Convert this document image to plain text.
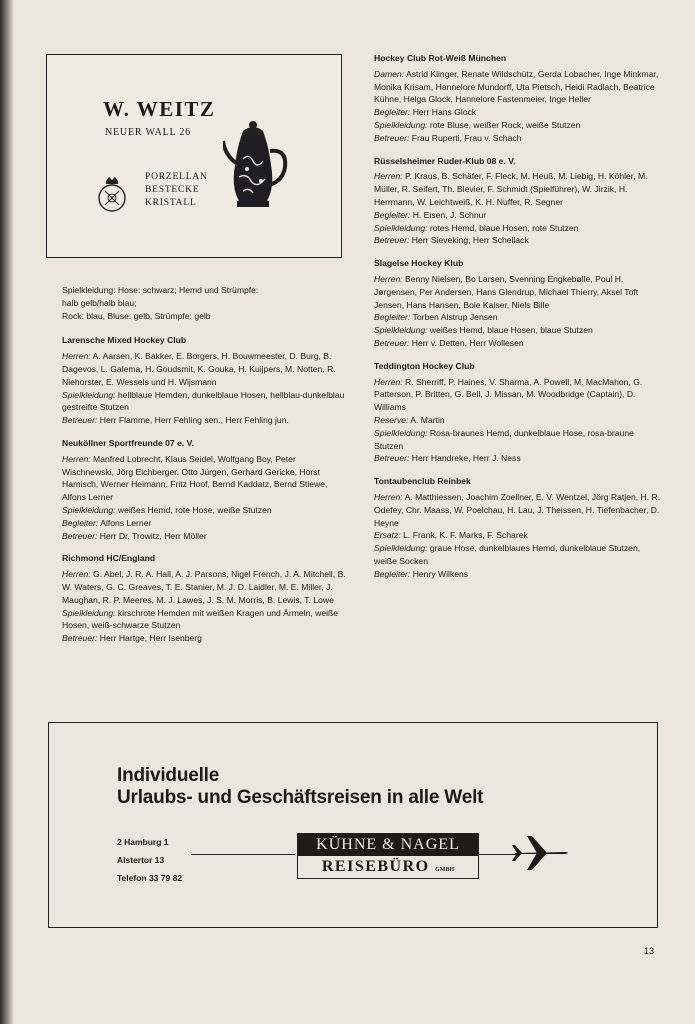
W. WEITZ
NEUER WALL 26
PORZELLAN
BESTECKE
KRISTALL

Spielkleidung: Hose: schwarz; Hemd und Strümpfe:

halb gelb/halb blau;

Rock: blau, Bluse: gelb, Strümpfe: gelb

Larensche Mixed Hockey Club

Herren: A. Aarsen, K. Bakker, E. Borgers, H. Bouwmeester, D. Burg, B. Dagevos, L. Galema, H. Goudsmit, K. Gouka, H. Kuijpers, M. Notten, R. Niehorster, E. Wessels und H. Wijsmann

Spielkleidung: hellblaue Hemden, dunkelblaue Hosen, hellblau-dunkelblau gestreifte Stutzen

Betreuer: Herr Flamme, Herr Fehling sen., Herr Fehling jun.

Neuköllner Sportfreunde 07 e. V.

Herren: Manfred Lobrecht, Klaus Seidel, Wolfgang Boy, Peter Wischnewski, Jörg Eichberger, Otto Jürgen, Gerhard Gericke, Horst Harnisch, Werner Heimann, Fritz Hoof, Bernd Kaddatz, Bernd Stiewe, Alfons Lerner

Spielkleidung: weißes Hemd, rote Hose, weiße Stutzen

Begleiter: Alfons Lerner

Betreuer: Herr Dr. Trowitz, Herr Möller

Richmond HC/England

Herren: G. Abel, J. R. A. Hall, A. J. Parsons, Nigel French, J. A. Mitchell, B. W. Waters, G. C. Greaves, T. E. Stanier, M. J. D. Laidler, M. E. Miller, J. Maughan, R. P. Meeres, M. J. Lawes, J. S. M. Morris, B. Lewis, T. Lowe

Spielkleidung: kirschrote Hemden mit weißen Kragen und Ärmeln, weiße Hosen, weiß-schwarze Stutzen

Betreuer: Herr Hartge, Herr Isenberg

Hockey Club Rot-Weiß München

Damen: Astrid Klinger, Renate Wildschütz, Gerda Lobacher, Inge Minkmar, Monika Krisam, Hannelore Mundorff, Uta Pietsch, Heidi Radlach, Beatrice Kühne, Helga Glock, Hannelore Fastenmeier, Inge Heller

Begleiter: Herr Hans Glock

Spielkleidung: rote Bluse, weißer Rock, weiße Stutzen

Betreuer: Frau Ruperti, Frau v. Schach

Rüsselsheimer Ruder-Klub 08 e. V.

Herren: P. Kraus, B. Schäfer, F. Fleck, M. Heuß, M. Liebig, H. Köhler, M. Müller, R. Seifert, Th. Blevier, F. Schmidt (Spielführer), W. Jirzik, H. Herrmann, W. Leichtweiß, K. H. Nuffer, R. Segner

Begleiter: H. Eisen, J. Schnur

Spielkleidung: rotes Hemd, blaue Hosen, rote Stutzen

Betreuer: Herr Sieveking, Herr Schellack

Slagelse Hockey Klub

Herren: Benny Nielsen, Bo Larsen, Svenning Engkebølle, Poul H. Jørgensen, Per Andersen, Hans Glendrup, Michael Thierry, Aksel Toft Jensen, Hans Hansen, Boie Kaiser, Niels Bille

Begleiter: Torben Alstrup Jensen

Spielkleidung: weißes Hemd, blaue Hosen, blaue Stutzen

Betreuer: Herr v. Detten, Herr Wollesen

Teddington Hockey Club

Herren: R. Sherriff, P. Haines, V. Sharma, A. Powell, M. MacMahon, G. Patterson, P. Britten, G. Bell, J. Missan, M. Woodbridge (Captain), D. Williams

Reserve: A. Martin

Spielkleidung: Rosa-braunes Hemd, dunkelblaue Hose, rosa-braune Stutzen

Betreuer: Herr Handreke, Herr J. Ness

Tontaubenclub Reinbek

Herren: A. Matthiessen, Joachim Zoellner, E. V. Wentzel, Jörg Ratjen, H. R. Odefey, Chr. Maass, W. Poelchau, H. Lau, J. Theissen, H. Tiefenbacher, D. Heyne

Ersatz: L. Frank, K. F. Marks, F. Scharek

Spielkleidung: graue Hose, dunkelblaues Hemd, dunkelblaue Stutzen, weiße Socken

Begleiter: Henry Wilkens

Individuelle
Urlaubs- und Geschäftsreisen in alle Welt
2 Hamburg 1
Alstertor 13
Telefon 33 79 82
KÜHNE & NAGEL
REISEBÜRO GMBH
13
